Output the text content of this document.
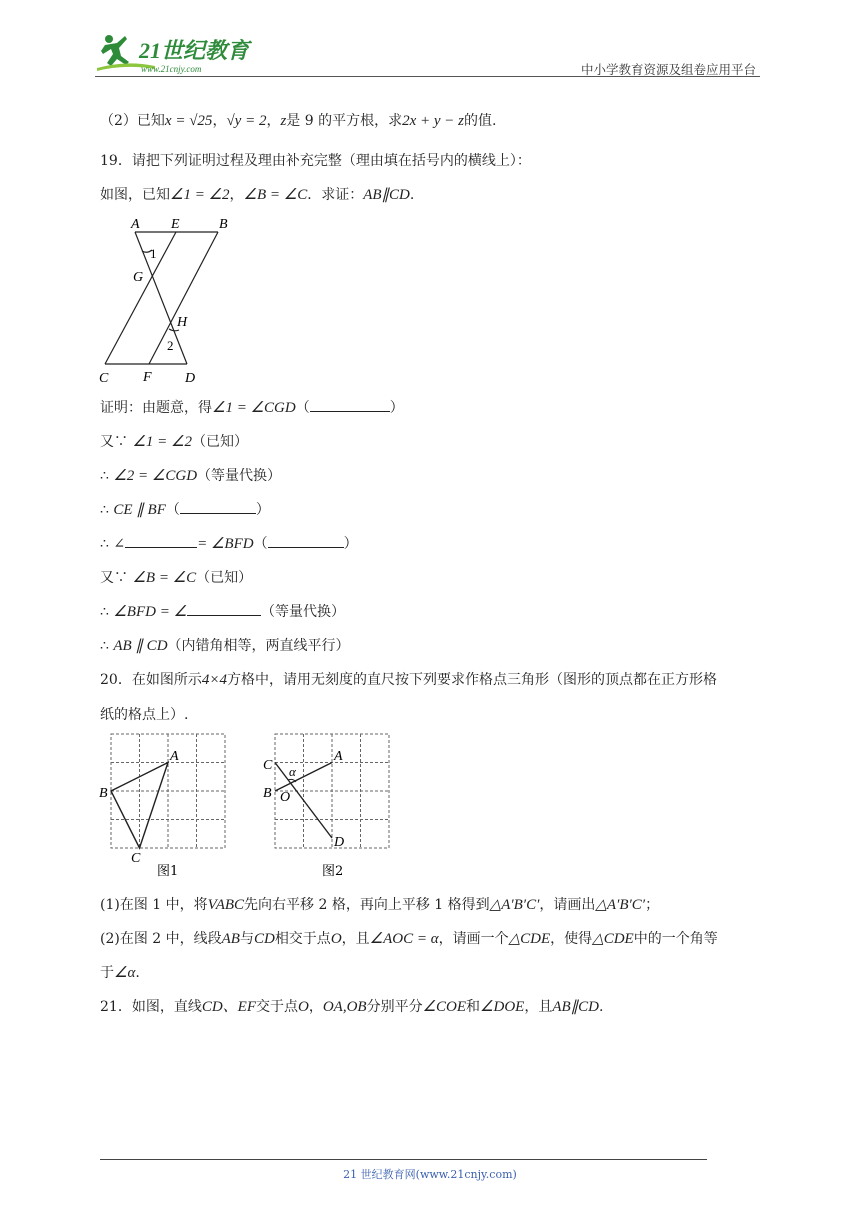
21世纪教育
www.21cnjy.com	中小学教育资源及组卷应用平台
（2）已知x = √25，√y = 2，z是 9 的平方根，求2x + y − z的值.
19．请把下列证明过程及理由补充完整（理由填在括号内的横线上）：
如图，已知∠1 = ∠2，∠B = ∠C．求证：AB∥CD.
A E	B
1
G
H
2
C F D
证明：由题意，得∠1 = ∠CGD（	）
又∵ ∠1 = ∠2（已知）
∴ ∠2 = ∠CGD（等量代换）
∴ CE ∥ BF（	）
∴ ∠	= ∠BFD（	）
又∵ ∠B = ∠C（已知）
∴ ∠BFD = ∠	（等量代换）
∴ AB ∥ CD（内错角相等，两直线平行）
20．在如图所示4×4方格中，请用无刻度的直尺按下列要求作格点三角形（图形的顶点都在正方形格
纸的格点上）.
A
B
C
图1
A
B
C
D
O
α
图2
(1)在图 1 中，将VABC先向右平移 2 格，再向上平移 1 格得到△A′B′C′，请画出△A′B′C′；
(2)在图 2 中，线段AB与CD相交于点O，且∠AOC = α，请画一个△CDE，使得△CDE中的一个角等
于∠α.
21．如图，直线CD、EF交于点O，OA,OB分别平分∠COE和∠DOE，且AB∥CD.
21 世纪教育网(www.21cnjy.com)
